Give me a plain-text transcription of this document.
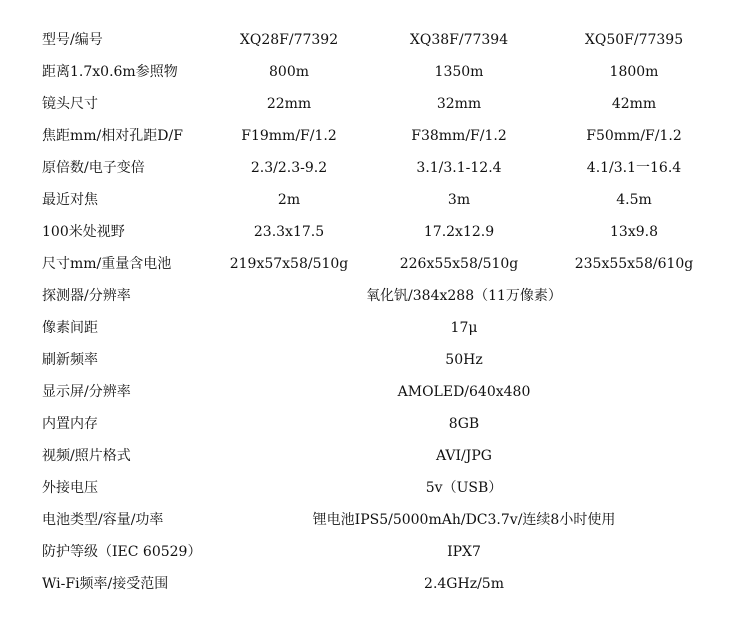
型号/编号	XQ28F/77392	XQ38F/77394	XQ50F/77395
距离1.7x0.6m参照物	800m	1350m	1800m
镜头尺寸	22mm	32mm	42mm
焦距mm/相对孔距D/F	F19mm/F/1.2	F38mm/F/1.2	F50mm/F/1.2
原倍数/电子变倍	2.3/2.3-9.2	3.1/3.1-12.4	4.1/3.1一16.4
最近对焦	2m	3m	4.5m
100米处视野	23.3x17.5	17.2x12.9	13x9.8
尺寸mm/重量含电池	219x57x58/510g	226x55x58/510g	235x55x58/610g
探测器/分辨率	氧化钒/384x288（11万像素）		
像素间距	17μ		
刷新频率	50Hz		
显示屏/分辨率	AMOLED/640x480		
内置内存	8GB		
视频/照片格式	AVI/JPG		
外接电压	5v（USB）		
电池类型/容量/功率	锂电池IPS5/5000mAh/DC3.7v/连续8小时使用		
防护等级（IEC 60529）	IPX7		
Wi-Fi频率/接受范围	2.4GHz/5m		
